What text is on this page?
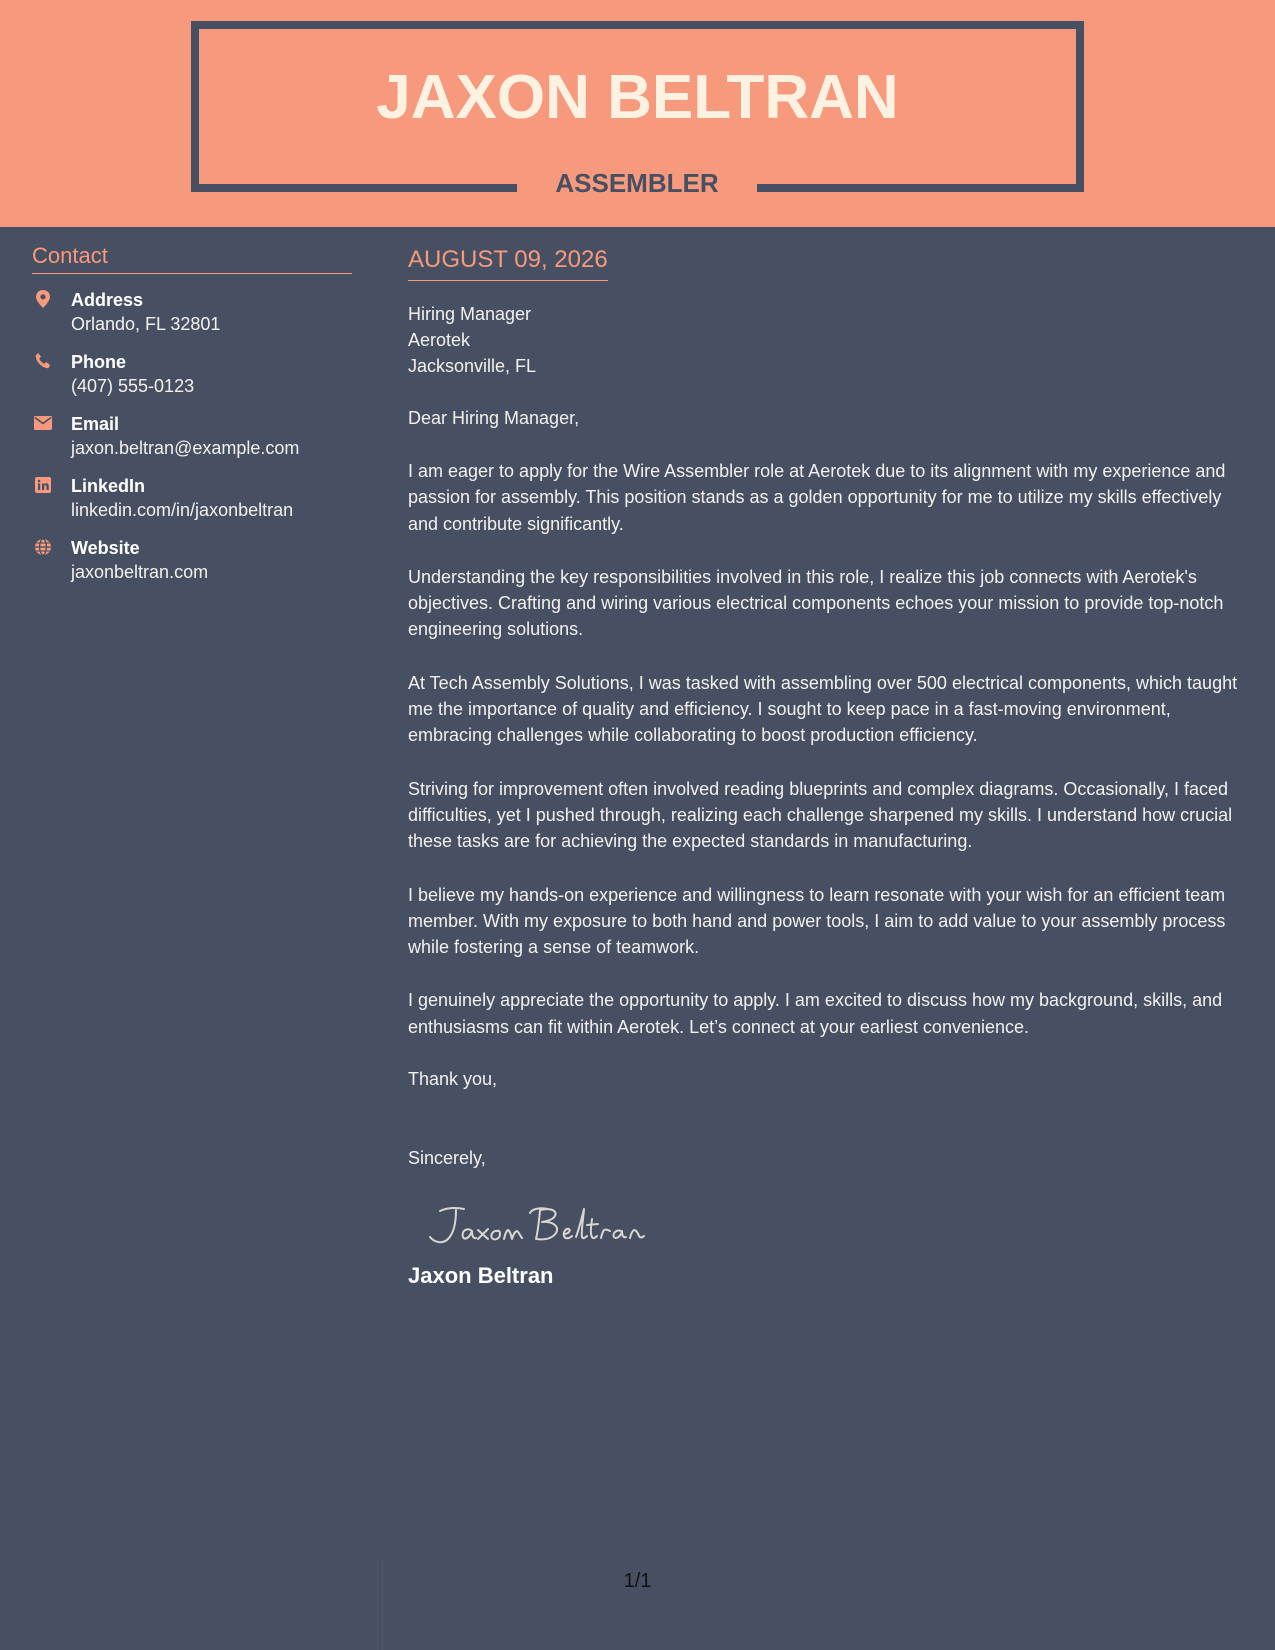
JAXON BELTRAN
ASSEMBLER
Contact
Address
Orlando, FL 32801
Phone
(407) 555-0123
Email
jaxon.beltran@example.com
LinkedIn
linkedin.com/in/jaxonbeltran
Website
jaxonbeltran.com
AUGUST 09, 2026
Hiring Manager
Aerotek
Jacksonville, FL
Dear Hiring Manager,

I am eager to apply for the Wire Assembler role at Aerotek due to its alignment with my experience and passion for assembly. This position stands as a golden opportunity for me to utilize my skills effectively and contribute significantly.

Understanding the key responsibilities involved in this role, I realize this job connects with Aerotek's objectives. Crafting and wiring various electrical components echoes your mission to provide top-notch engineering solutions.

At Tech Assembly Solutions, I was tasked with assembling over 500 electrical components, which taught me the importance of quality and efficiency. I sought to keep pace in a fast-moving environment, embracing challenges while collaborating to boost production efficiency.

Striving for improvement often involved reading blueprints and complex diagrams. Occasionally, I faced difficulties, yet I pushed through, realizing each challenge sharpened my skills. I understand how crucial these tasks are for achieving the expected standards in manufacturing.

I believe my hands-on experience and willingness to learn resonate with your wish for an efficient team member. With my exposure to both hand and power tools, I aim to add value to your assembly process while fostering a sense of teamwork.

I genuinely appreciate the opportunity to apply. I am excited to discuss how my background, skills, and enthusiasms can fit within Aerotek. Let’s connect at your earliest convenience.

Thank you,
Sincerely,
Jaxon Beltran
1/1
